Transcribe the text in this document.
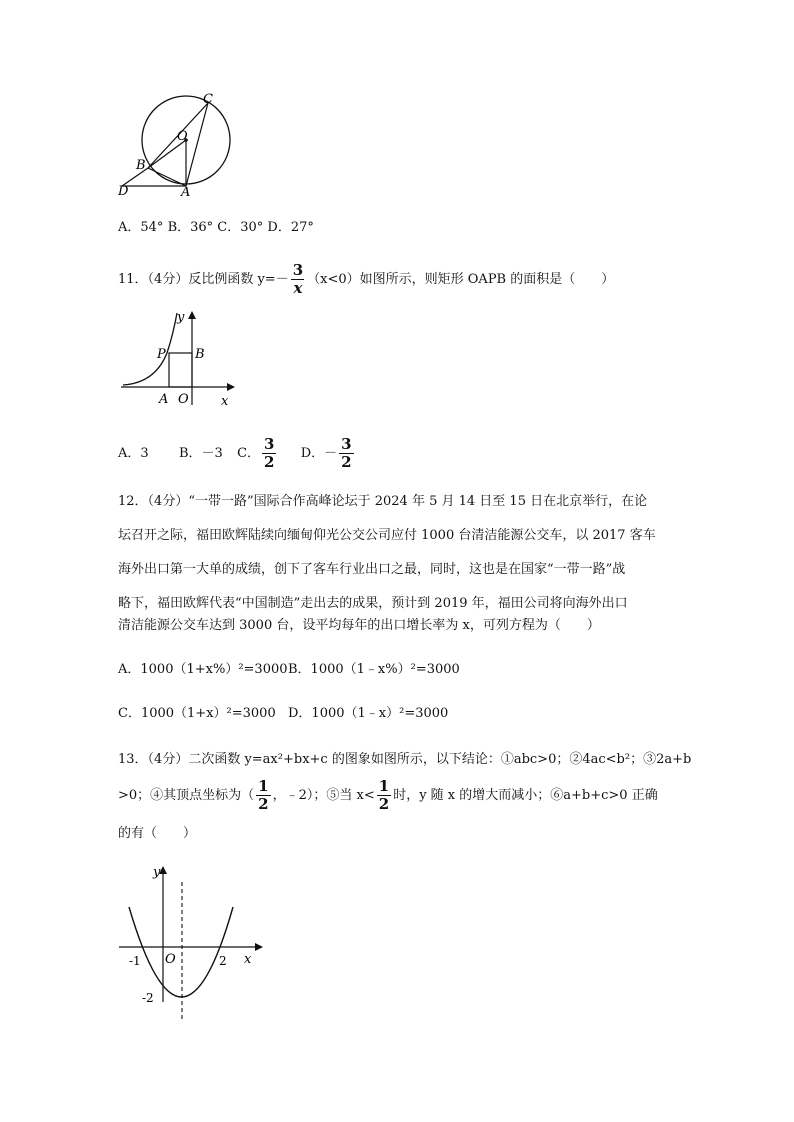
C
O
B
D	A
A．54° B．36° C．30° D．27°
11．（4分）反比例函数 $y=- \frac{3}{x} (x<0)$如图所示，则矩形 OAPB 的面积是（　　）
y
P B
A O x
A．3 B．－3 C． $\frac{3}{2}$ D．－ $\frac{3}{2}$
12．（4分）“一带一路”国际合作高峰论坛于 2024 年 5 月 14 日至 15 日在北京举行，在论
坛召开之际，福田欧辉陆续向缅甸仰光公交公司应付 1000 台清洁能源公交车，以 2017 客车
海外出口第一大单的成绩，创下了客车行业出口之最，同时，这也是在国家“一带一路”战
略下，福田欧辉代表“中国制造”走出去的成果，预计到 2019 年，福田公司将向海外出口
清洁能源公交车达到 3000 台，设平均每年的出口增长率为 x，可列方程为（　　）
A．1000（1+x%）²=3000 B．1000（1﹣x%）²=3000
C．1000（1+x）²=3000 D．1000（1﹣x）²=3000
13．（4分）二次函数 y=ax²+bx+c 的图象如图所示，以下结论：①abc>0；②4ac<b²；③2a+b
>0；④其顶点坐标为（ $\frac{1}{2}$ ，﹣2）；⑤当 $x< \frac{1}{2}$ 时，y 随 x 的增大而减小；⑥a+b+c>0 正确
的有（　　）
y
-1 O	2 x
-2
